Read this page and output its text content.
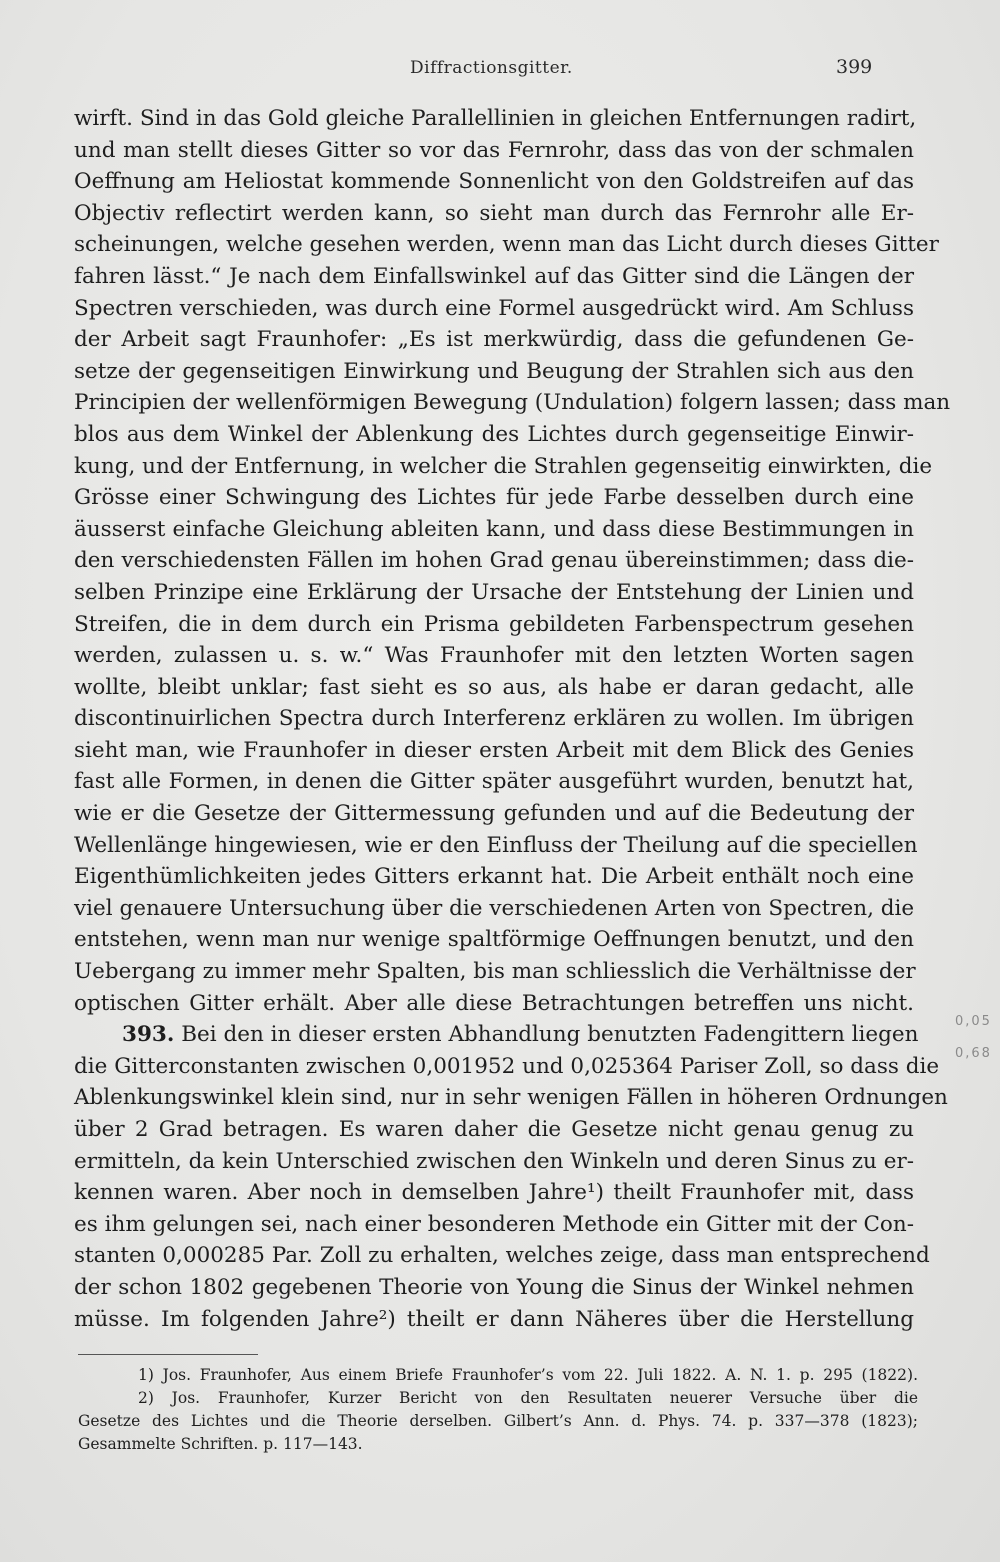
Diffractionsgitter.	399
wirft. Sind in das Gold gleiche Parallellinien in gleichen Entfernungen radirt,
und man stellt dieses Gitter so vor das Fernrohr, dass das von der schmalen
Oeffnung am Heliostat kommende Sonnenlicht von den Goldstreifen auf das
Objectiv reflectirt werden kann, so sieht man durch das Fernrohr alle Er-
scheinungen, welche gesehen werden, wenn man das Licht durch dieses Gitter
fahren lässt.“ Je nach dem Einfallswinkel auf das Gitter sind die Längen der
Spectren verschieden, was durch eine Formel ausgedrückt wird. Am Schluss
der Arbeit sagt Fraunhofer: „Es ist merkwürdig, dass die gefundenen Ge-
setze der gegenseitigen Einwirkung und Beugung der Strahlen sich aus den
Principien der wellenförmigen Bewegung (Undulation) folgern lassen; dass man
blos aus dem Winkel der Ablenkung des Lichtes durch gegenseitige Einwir-
kung, und der Entfernung, in welcher die Strahlen gegenseitig einwirkten, die
Grösse einer Schwingung des Lichtes für jede Farbe desselben durch eine
äusserst einfache Gleichung ableiten kann, und dass diese Bestimmungen in
den verschiedensten Fällen im hohen Grad genau übereinstimmen; dass die-
selben Prinzipe eine Erklärung der Ursache der Entstehung der Linien und
Streifen, die in dem durch ein Prisma gebildeten Farbenspectrum gesehen
werden, zulassen u. s. w.“ Was Fraunhofer mit den letzten Worten sagen
wollte, bleibt unklar; fast sieht es so aus, als habe er daran gedacht, alle
discontinuirlichen Spectra durch Interferenz erklären zu wollen. Im übrigen
sieht man, wie Fraunhofer in dieser ersten Arbeit mit dem Blick des Genies
fast alle Formen, in denen die Gitter später ausgeführt wurden, benutzt hat,
wie er die Gesetze der Gittermessung gefunden und auf die Bedeutung der
Wellenlänge hingewiesen, wie er den Einfluss der Theilung auf die speciellen
Eigenthümlichkeiten jedes Gitters erkannt hat. Die Arbeit enthält noch eine
viel genauere Untersuchung über die verschiedenen Arten von Spectren, die
entstehen, wenn man nur wenige spaltförmige Oeffnungen benutzt, und den
Uebergang zu immer mehr Spalten, bis man schliesslich die Verhältnisse der
optischen Gitter erhält. Aber alle diese Betrachtungen betreffen uns nicht.
393. Bei den in dieser ersten Abhandlung benutzten Fadengittern liegen
die Gitterconstanten zwischen 0,001952 und 0,025364 Pariser Zoll, so dass die
Ablenkungswinkel klein sind, nur in sehr wenigen Fällen in höheren Ordnungen
über 2 Grad betragen. Es waren daher die Gesetze nicht genau genug zu
ermitteln, da kein Unterschied zwischen den Winkeln und deren Sinus zu er-
kennen waren. Aber noch in demselben Jahre¹) theilt Fraunhofer mit, dass
es ihm gelungen sei, nach einer besonderen Methode ein Gitter mit der Con-
stanten 0,000285 Par. Zoll zu erhalten, welches zeige, dass man entsprechend
der schon 1802 gegebenen Theorie von Young die Sinus der Winkel nehmen
müsse. Im folgenden Jahre²) theilt er dann Näheres über die Herstellung
0,05
0,68
1) Jos. Fraunhofer, Aus einem Briefe Fraunhofer’s vom 22. Juli 1822. A. N. 1. p. 295 (1822).
2) Jos. Fraunhofer, Kurzer Bericht von den Resultaten neuerer Versuche über die
Gesetze des Lichtes und die Theorie derselben. Gilbert’s Ann. d. Phys. 74. p. 337—378 (1823);
Gesammelte Schriften. p. 117—143.
